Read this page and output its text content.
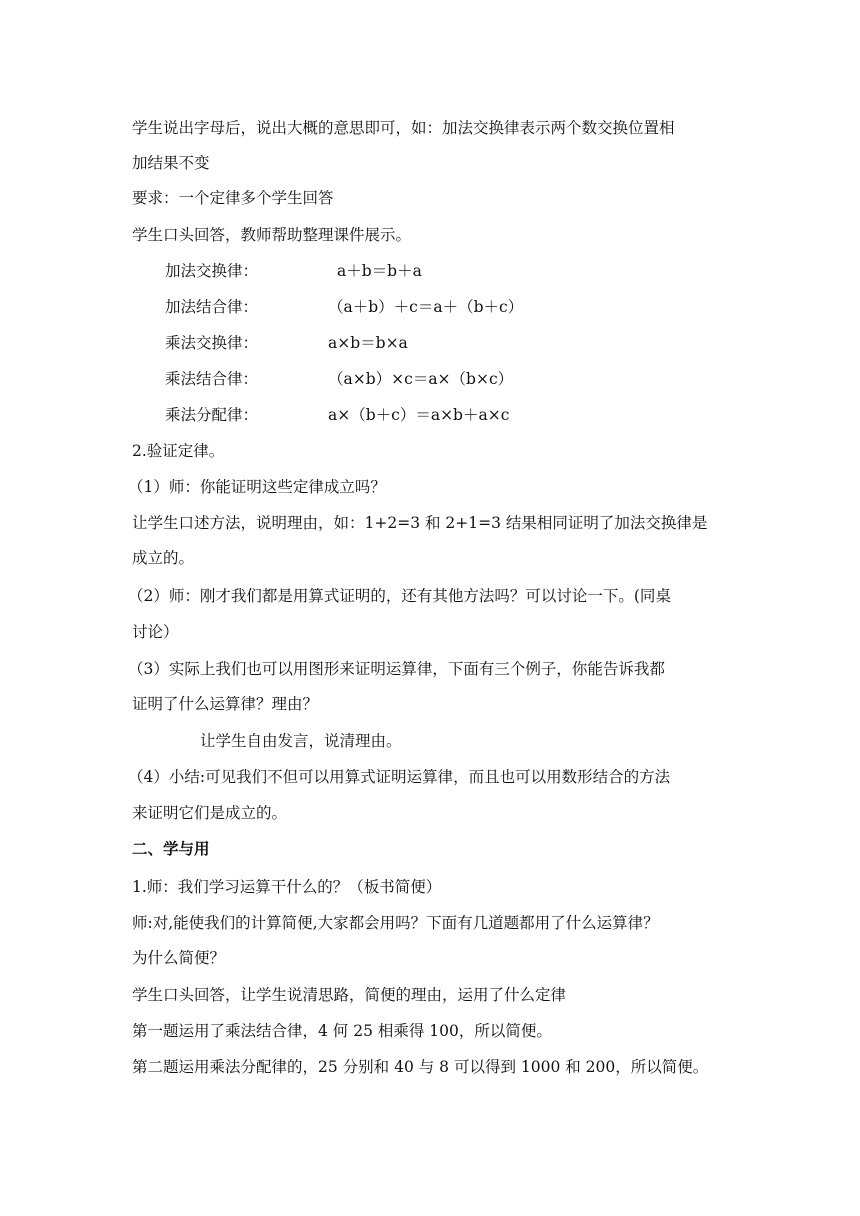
学生说出字母后，说出大概的意思即可，如：加法交换律表示两个数交换位置相

加结果不变

要求：一个定律多个学生回答

学生口头回答，教师帮助整理课件展示。

加法交换律：	a＋b＝b＋a
加法结合律：	（a＋b）＋c＝a＋（b＋c）
乘法交换律：	a×b＝b×a
乘法结合律：	（a×b）×c＝a×（b×c）
乘法分配律：	a×（b＋c）＝a×b＋a×c

2.验证定律。

（1）师：你能证明这些定律成立吗？

让学生口述方法，说明理由，如：1+2=3 和 2+1=3 结果相同证明了加法交换律是

成立的。

（2）师：刚才我们都是用算式证明的，还有其他方法吗？可以讨论一下。(同桌

讨论）

（3）实际上我们也可以用图形来证明运算律，下面有三个例子，你能告诉我都

证明了什么运算律？理由？

让学生自由发言，说清理由。

（4）小结:可见我们不但可以用算式证明运算律，而且也可以用数形结合的方法

来证明它们是成立的。

二、学与用

1.师：我们学习运算干什么的？（板书简便）

师:对,能使我们的计算简便,大家都会用吗？下面有几道题都用了什么运算律？

为什么简便？

学生口头回答，让学生说清思路，简便的理由，运用了什么定律

第一题运用了乘法结合律，4 何 25 相乘得 100，所以简便。

第二题运用乘法分配律的，25 分别和 40 与 8 可以得到 1000 和 200，所以简便。
